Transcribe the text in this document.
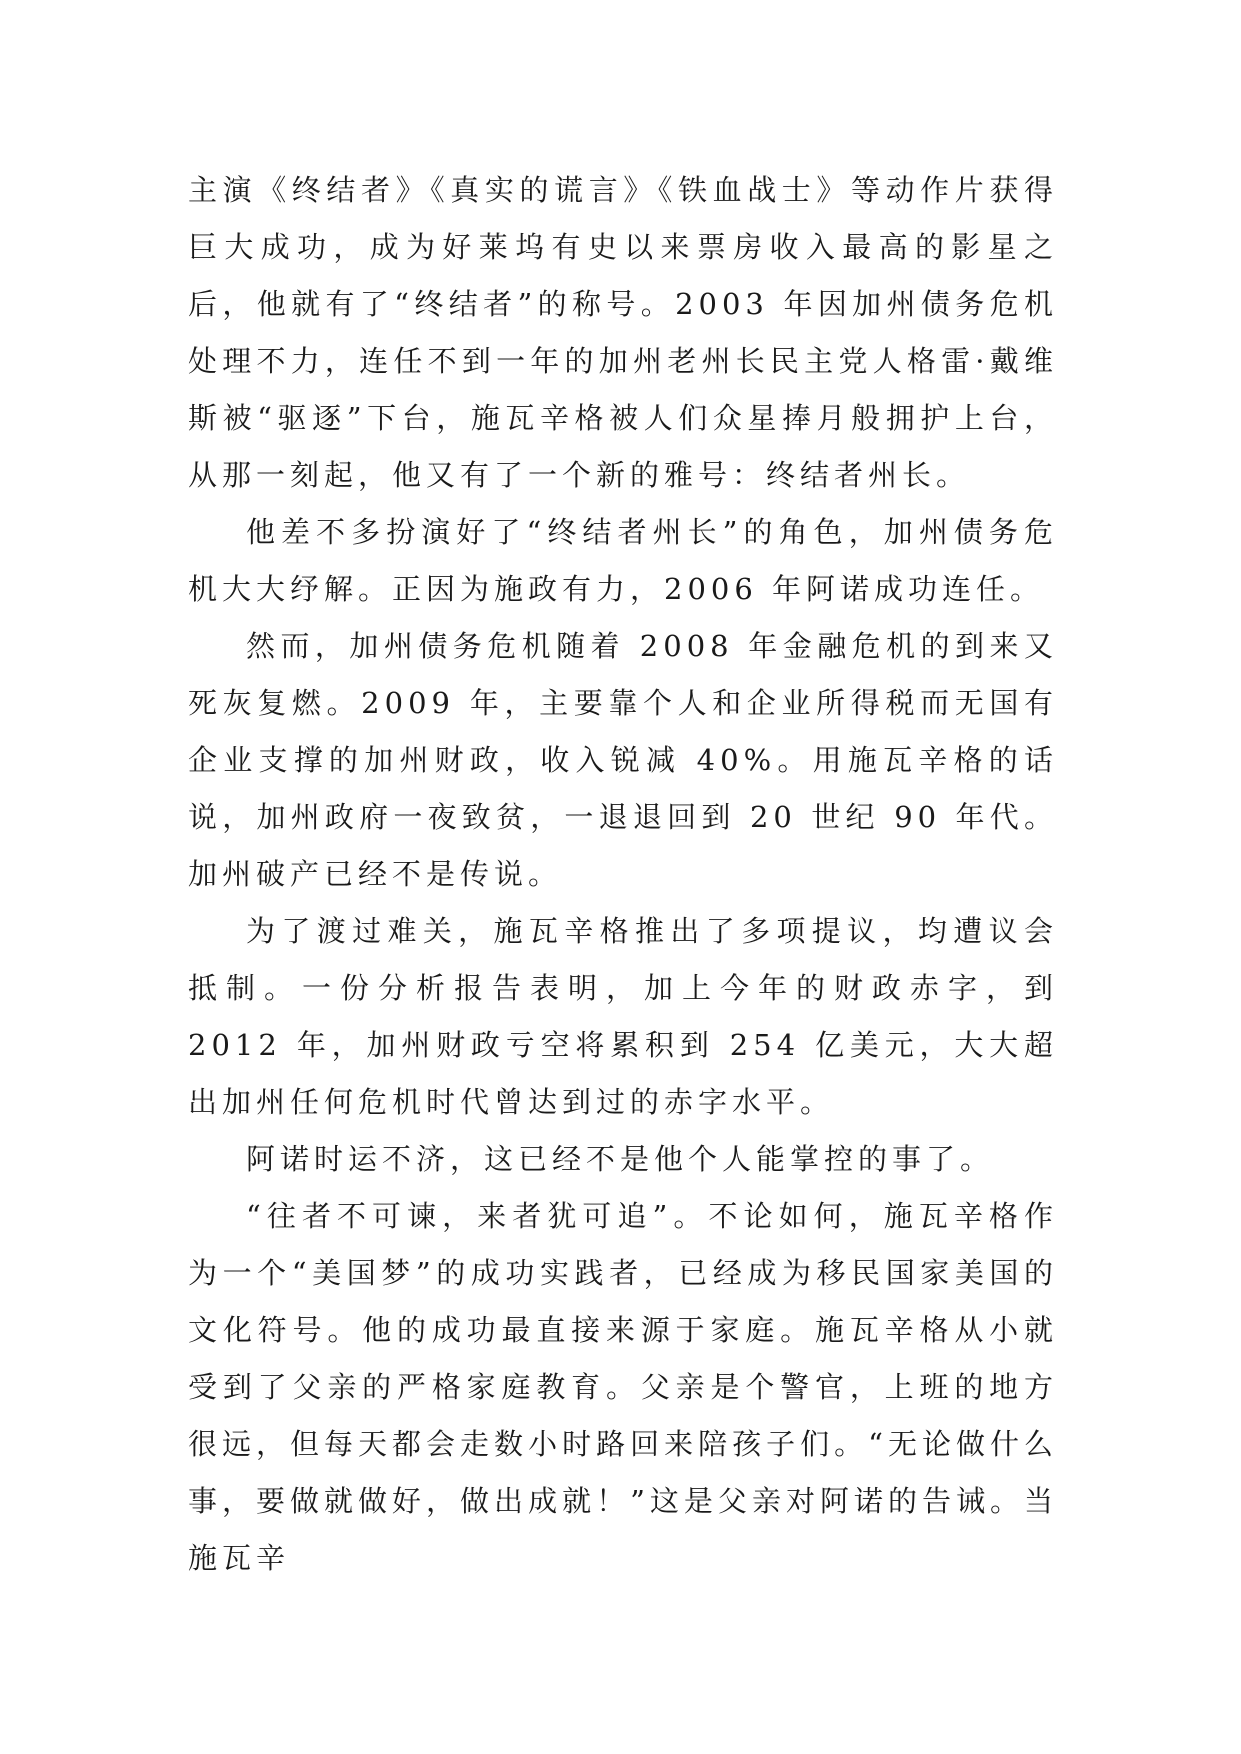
主演《终结者》《真实的谎言》《铁血战士》等动作片获得巨大成功，成为好莱坞有史以来票房收入最高的影星之后，他就有了“终结者”的称号。2003 年因加州债务危机处理不力，连任不到一年的加州老州长民主党人格雷·戴维斯被“驱逐”下台，施瓦辛格被人们众星捧月般拥护上台，从那一刻起，他又有了一个新的雅号：终结者州长。

他差不多扮演好了“终结者州长”的角色，加州债务危机大大纾解。正因为施政有力，2006 年阿诺成功连任。

然而，加州债务危机随着 2008 年金融危机的到来又死灰复燃。2009 年，主要靠个人和企业所得税而无国有企业支撑的加州财政，收入锐减 40%。用施瓦辛格的话说，加州政府一夜致贫，一退退回到 20 世纪 90 年代。加州破产已经不是传说。

为了渡过难关，施瓦辛格推出了多项提议，均遭议会抵制。一份分析报告表明，加上今年的财政赤字，到 2012 年，加州财政亏空将累积到 254 亿美元，大大超出加州任何危机时代曾达到过的赤字水平。

阿诺时运不济，这已经不是他个人能掌控的事了。

“往者不可谏，来者犹可追”。不论如何，施瓦辛格作为一个“美国梦”的成功实践者，已经成为移民国家美国的文化符号。他的成功最直接来源于家庭。施瓦辛格从小就受到了父亲的严格家庭教育。父亲是个警官，上班的地方很远，但每天都会走数小时路回来陪孩子们。“无论做什么事，要做就做好，做出成就！”这是父亲对阿诺的告诫。当施瓦辛
